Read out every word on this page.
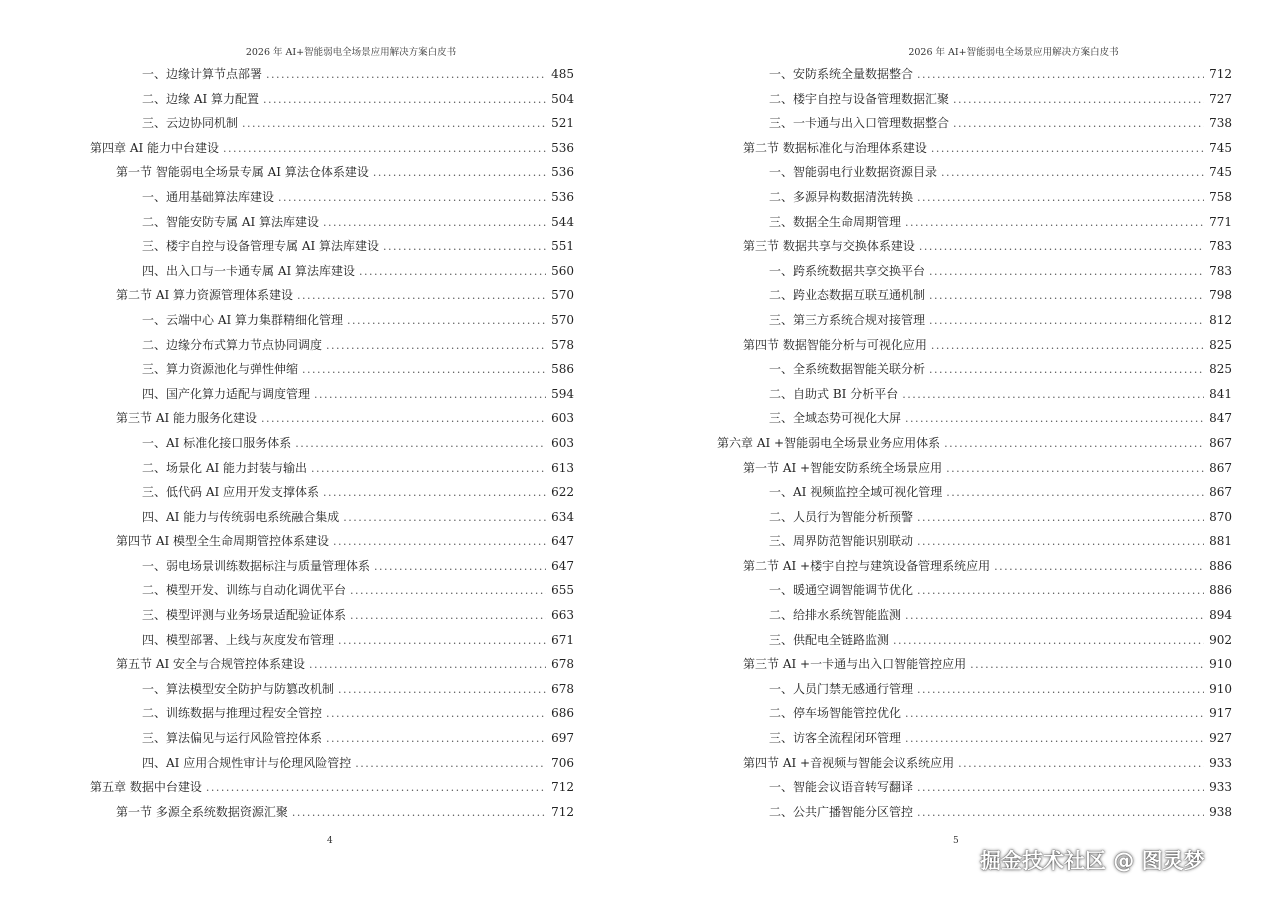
2026 年 AI+智能弱电全场景应用解决方案白皮书
一、边缘计算节点部署 .....	485
二、边缘 AI 算力配置 .....	504
三、云边协同机制 .....	521
第四章 AI 能力中台建设 .....	536
第一节 智能弱电全场景专属 AI 算法仓体系建设 .....	536
一、通用基础算法库建设 .....	536
二、智能安防专属 AI 算法库建设 .....	544
三、楼宇自控与设备管理专属 AI 算法库建设 .....	551
四、出入口与一卡通专属 AI 算法库建设 .....	560
第二节 AI 算力资源管理体系建设 .....	570
一、云端中心 AI 算力集群精细化管理 .....	570
二、边缘分布式算力节点协同调度 .....	578
三、算力资源池化与弹性伸缩 .....	586
四、国产化算力适配与调度管理 .....	594
第三节 AI 能力服务化建设 .....	603
一、AI 标准化接口服务体系 .....	603
二、场景化 AI 能力封装与输出 .....	613
三、低代码 AI 应用开发支撑体系 .....	622
四、AI 能力与传统弱电系统融合集成 .....	634
第四节 AI 模型全生命周期管控体系建设 .....	647
一、弱电场景训练数据标注与质量管理体系 .....	647
二、模型开发、训练与自动化调优平台 .....	655
三、模型评测与业务场景适配验证体系 .....	663
四、模型部署、上线与灰度发布管理 .....	671
第五节 AI 安全与合规管控体系建设 .....	678
一、算法模型安全防护与防篡改机制 .....	678
二、训练数据与推理过程安全管控 .....	686
三、算法偏见与运行风险管控体系 .....	697
四、AI 应用合规性审计与伦理风险管控 .....	706
第五章 数据中台建设 .....	712
第一节 多源全系统数据资源汇聚 .....	712
4
2026 年 AI+智能弱电全场景应用解决方案白皮书
一、安防系统全量数据整合 .....	712
二、楼宇自控与设备管理数据汇聚 .....	727
三、一卡通与出入口管理数据整合 .....	738
第二节 数据标准化与治理体系建设 .....	745
一、智能弱电行业数据资源目录 .....	745
二、多源异构数据清洗转换 .....	758
三、数据全生命周期管理 .....	771
第三节 数据共享与交换体系建设 .....	783
一、跨系统数据共享交换平台 .....	783
二、跨业态数据互联互通机制 .....	798
三、第三方系统合规对接管理 .....	812
第四节 数据智能分析与可视化应用 .....	825
一、全系统数据智能关联分析 .....	825
二、自助式 BI 分析平台 .....	841
三、全域态势可视化大屏 .....	847
第六章 AI +智能弱电全场景业务应用体系 .....	867
第一节 AI +智能安防系统全场景应用 .....	867
一、AI 视频监控全域可视化管理 .....	867
二、人员行为智能分析预警 .....	870
三、周界防范智能识别联动 .....	881
第二节 AI +楼宇自控与建筑设备管理系统应用 .....	886
一、暖通空调智能调节优化 .....	886
二、给排水系统智能监测 .....	894
三、供配电全链路监测 .....	902
第三节 AI +一卡通与出入口智能管控应用 .....	910
一、人员门禁无感通行管理 .....	910
二、停车场智能管控优化 .....	917
三、访客全流程闭环管理 .....	927
第四节 AI +音视频与智能会议系统应用 .....	933
一、智能会议语音转写翻译 .....	933
二、公共广播智能分区管控 .....	938
5
掘金技术社区 @ 图灵梦
